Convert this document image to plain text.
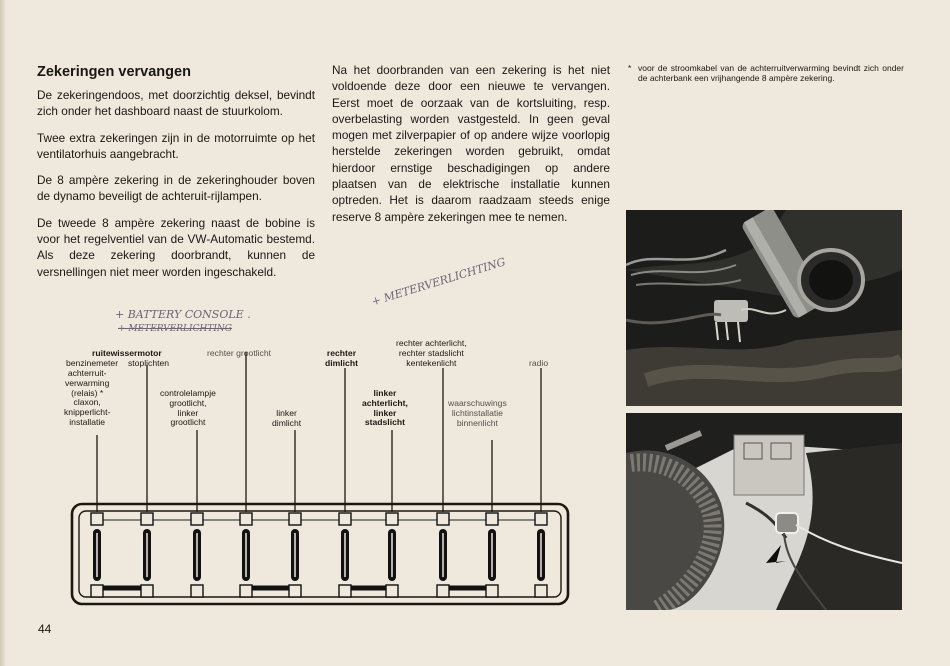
Zekeringen vervangen

De zekeringendoos, met doorzichtig deksel, bevindt zich onder het dashboard naast de stuurkolom.

Twee extra zekeringen zijn in de motorruimte op het ventilatorhuis aangebracht.

De 8 ampère zekering in de zekeringhouder boven de dynamo beveiligt de achteruit-rijlampen.

De tweede 8 ampère zekering naast de bobine is voor het regelventiel van de VW-Automatic bestemd. Als deze zekering doorbrandt, kunnen de versnellingen niet meer worden ingeschakeld.

Na het doorbranden van een zekering is het niet voldoende deze door een nieuwe te vervangen. Eerst moet de oorzaak van de kortsluiting, resp. overbelasting worden vastgesteld. In geen geval mogen met zilverpapier of op andere wijze voorlopig herstelde zekeringen worden gebruikt, omdat hierdoor ernstige beschadigingen op andere plaatsen van de elektrische installatie kunnen optreden. Het is daarom raadzaam steeds enige reserve 8 ampère zekeringen mee te nemen.
* voor de stroomkabel van de achterruitverwarming bevindt zich onder de achterbank een vrijhangende 8 ampère zekering.
+ BATTERY CONSOLE .
+ METERVERLICHTING
+ METERVERLICHTING
ruitewissermotor	rechter grootlicht
benzinemeter stoplichten
achterruit-
verwarming
(relais) *
claxon,
knipperlicht-
installatie
controlelampje
grootlicht,
linker
grootlicht
linker
dimlicht
rechter
dimlicht
rechter achterlicht,
rechter stadslicht
kentekenlicht	radio
linker
achterlicht,
linker
stadslicht
waarschuwings
lichtinstallatie
binnenlicht
44
